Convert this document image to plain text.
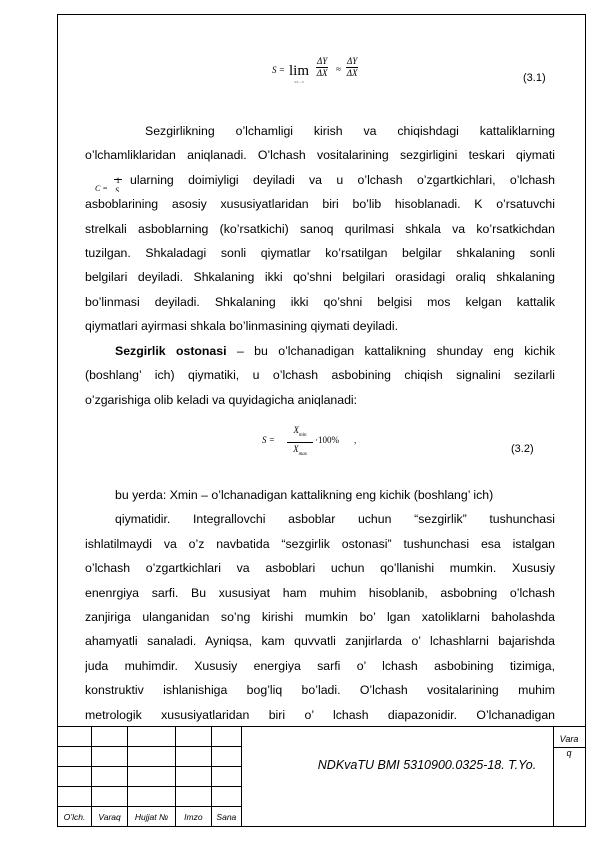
S = lim
ΔX→0
$\frac{\Delta Y}{\Delta X} \approx \frac{\Delta Y}{\Delta X}$	(3.1)
Sezgirlikning o’lchamligi kirish va chiqishdagi kattaliklarning
o’lchamliklaridan aniqlanadi. O’lchash vositalarining sezgirligini teskari qiymati
C =
1
S
ularning doimiyligi deyiladi va u o’lchash o’zgartkichlari, o’lchash
asboblarining asosiy xususiyatlaridan biri bo’lib hisoblanadi. K o’rsatuvchi
strelkali asboblarning (ko’rsatkichi) sanoq qurilmasi shkala va ko’rsatkichdan
tuzilgan. Shkaladagi sonli qiymatlar ko’rsatilgan belgilar shkalaning sonli
belgilari deyiladi. Shkalaning ikki qo’shni belgilari orasidagi oraliq shkalaning
bo’linmasi deyiladi. Shkalaning ikki qo’shni belgisi mos kelgan kattalik
qiymatlari ayirmasi shkala bo’linmasining qiymati deyiladi.
Sezgirlik ostonasi – bu o’lchanadigan kattalikning shunday eng kichik
(boshlang’ ich) qiymatiki, u o’lchash asbobining chiqish signalini sezilarli
o’zgarishiga olib keladi va quyidagicha aniqlanadi:
S =
$X_{min}$
$X_{max}$
·100% ,
(3.2)
bu yerda: Xmin – o’lchanadigan kattalikning eng kichik (boshlang’ ich)
qiymatidir. Integrallovchi asboblar uchun “sezgirlik” tushunchasi
ishlatilmaydi va o’z navbatida “sezgirlik ostonasi” tushunchasi esa istalgan
o’lchash o’zgartkichlari va asboblari uchun qo’llanishi mumkin. Xususiy
enenrgiya sarfi. Bu xususiyat ham muhim hisoblanib, asbobning o’lchash
zanjiriga ulanganidan so’ng kirishi mumkin bo’ lgan xatoliklarni baholashda
ahamyatli sanaladi. Ayniqsa, kam quvvatli zanjirlarda o’ lchashlarni bajarishda
juda muhimdir. Xususiy energiya sarfi o’ lchash asbobining tizimiga,
konstruktiv ishlanishiga bog’liq bo’ladi. O’lchash vositalarining muhim
metrologik xususiyatlaridan biri o’ lchash diapazonidir. O’lchanadigan

O’lch.	Varaq	Hujjat №	Imzo	Sana
NDKvaTU BMI 5310900.0325-18. T.Yo.
Vara
q
